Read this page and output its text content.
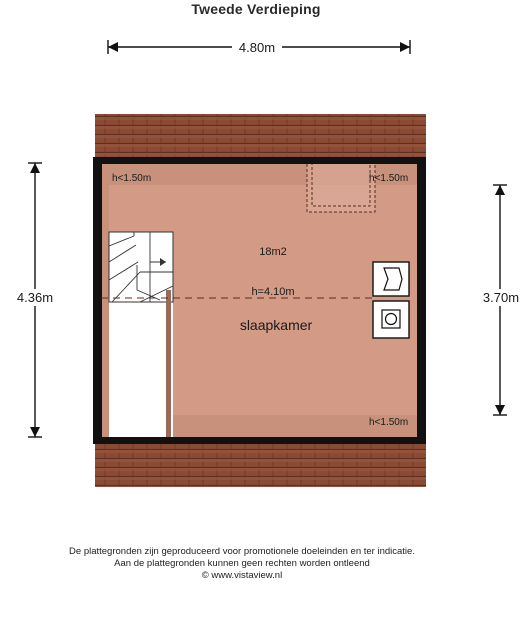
Tweede Verdieping
4.80m
h<1.50m	h<1.50m
h<1.50m
18m2
h=4.10m
slaapkamer
4.36m	3.70m
De plattegronden zijn geproduceerd voor promotionele doeleinden en ter indicatie.
Aan de plattegronden kunnen geen rechten worden ontleend
© www.vistaview.nl
